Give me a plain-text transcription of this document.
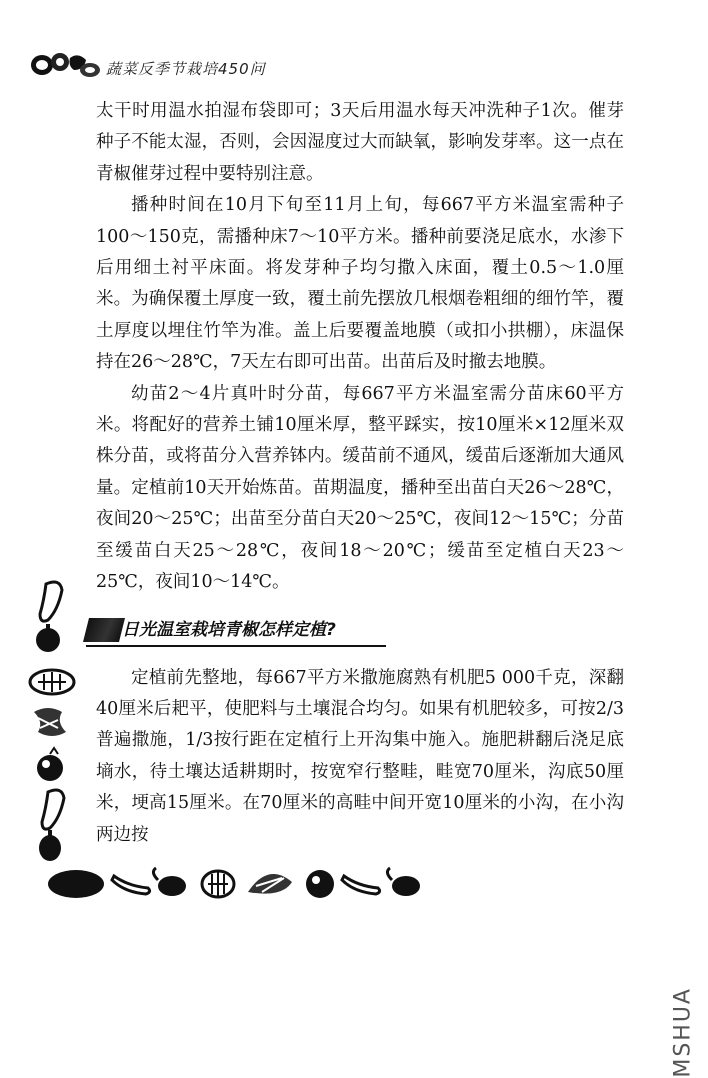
蔬菜反季节栽培450问

太干时用温水拍湿布袋即可；3天后用温水每天冲洗种子1次。催芽种子不能太湿，否则，会因湿度过大而缺氧，影响发芽率。这一点在青椒催芽过程中要特别注意。

播种时间在10月下旬至11月上旬，每667平方米温室需种子100～150克，需播种床7～10平方米。播种前要浇足底水，水渗下后用细土衬平床面。将发芽种子均匀撒入床面，覆土0.5～1.0厘米。为确保覆土厚度一致，覆土前先摆放几根烟卷粗细的细竹竿，覆土厚度以埋住竹竿为准。盖上后要覆盖地膜（或扣小拱棚），床温保持在26～28℃，7天左右即可出苗。出苗后及时撤去地膜。

幼苗2～4片真叶时分苗，每667平方米温室需分苗床60平方米。将配好的营养土铺10厘米厚，整平踩实，按10厘米×12厘米双株分苗，或将苗分入营养钵内。缓苗前不通风，缓苗后逐渐加大通风量。定植前10天开始炼苗。苗期温度，播种至出苗白天26～28℃，夜间20～25℃；出苗至分苗白天20～25℃，夜间12～15℃；分苗至缓苗白天25～28℃，夜间18～20℃；缓苗至定植白天23～25℃，夜间10～14℃。

日光温室栽培青椒怎样定植?

定植前先整地，每667平方米撒施腐熟有机肥5 000千克，深翻40厘米后耙平，使肥料与土壤混合均匀。如果有机肥较多，可按2/3普遍撒施，1/3按行距在定植行上开沟集中施入。施肥耕翻后浇足底墒水，待土壤达适耕期时，按宽窄行整畦，畦宽70厘米，沟底50厘米，埂高15厘米。在70厘米的高畦中间开宽10厘米的小沟，在小沟两边按

MSHUA
